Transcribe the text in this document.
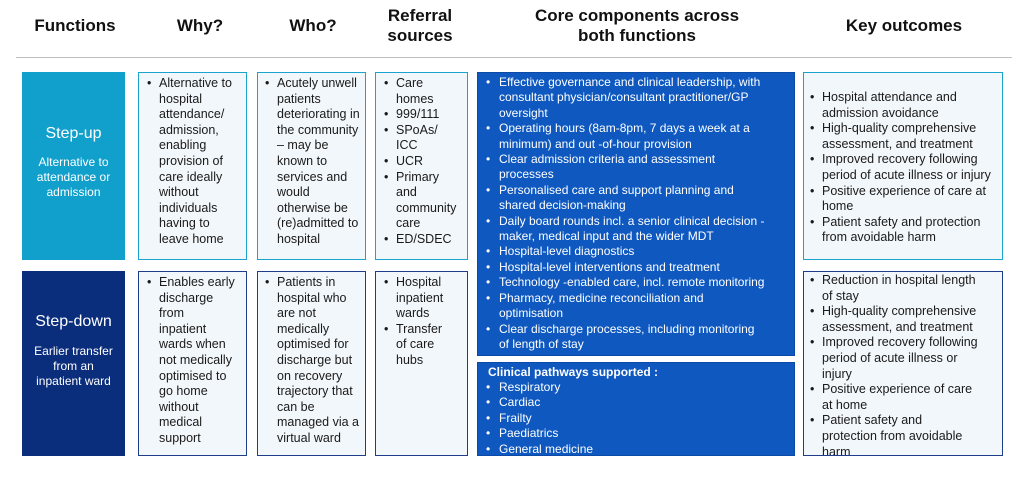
Functions	Why?	Who?
Referral
sources
Core components across
both functions
Key outcomes
Step-up
Alternative to
attendance or
admission
Step-down
Earlier transfer
from an
inpatient ward
• Alternative to
hospital
attendance/
admission,
enabling
provision of
care ideally
without
individuals
having to
leave home
• Enables early
discharge
from
inpatient
wards when
not medically
optimised to
go home
without
medical
support
• Acutely unwell
patients
deteriorating in
the community
– may be
known to
services and
would
otherwise be
(re)admitted to
hospital
• Patients in
hospital who
are not
medically
optimised for
discharge but
on recovery
trajectory that
can be
managed via a
virtual ward
• Care
homes
• 999/111
• SPoAs/
ICC
• UCR
• Primary
and
community
care
• ED/SDEC
• Hospital
inpatient
wards
• Transfer
of care
hubs
• Effective governance and clinical leadership, with
consultant physician/consultant practitioner/GP
oversight
• Operating hours (8am-8pm, 7 days a week at a
minimum) and out -of-hour provision
• Clear admission criteria and assessment
processes
• Personalised care and support planning and
shared decision-making
• Daily board rounds incl. a senior clinical decision -
maker, medical input and the wider MDT
• Hospital-level diagnostics
• Hospital-level interventions and treatment
• Technology -enabled care, incl. remote monitoring
• Pharmacy, medicine reconciliation and
optimisation
• Clear discharge processes, including monitoring
of length of stay
Clinical pathways supported :
• Respiratory
• Cardiac
• Frailty
• Paediatrics
• General medicine
• Hospital attendance and
admission avoidance
• High-quality comprehensive
assessment, and treatment
• Improved recovery following
period of acute illness or injury
• Positive experience of care at
home
• Patient safety and protection
from avoidable harm
• Reduction in hospital length
of stay
• High-quality comprehensive
assessment, and treatment
• Improved recovery following
period of acute illness or
injury
• Positive experience of care
at home
• Patient safety and
protection from avoidable
harm
